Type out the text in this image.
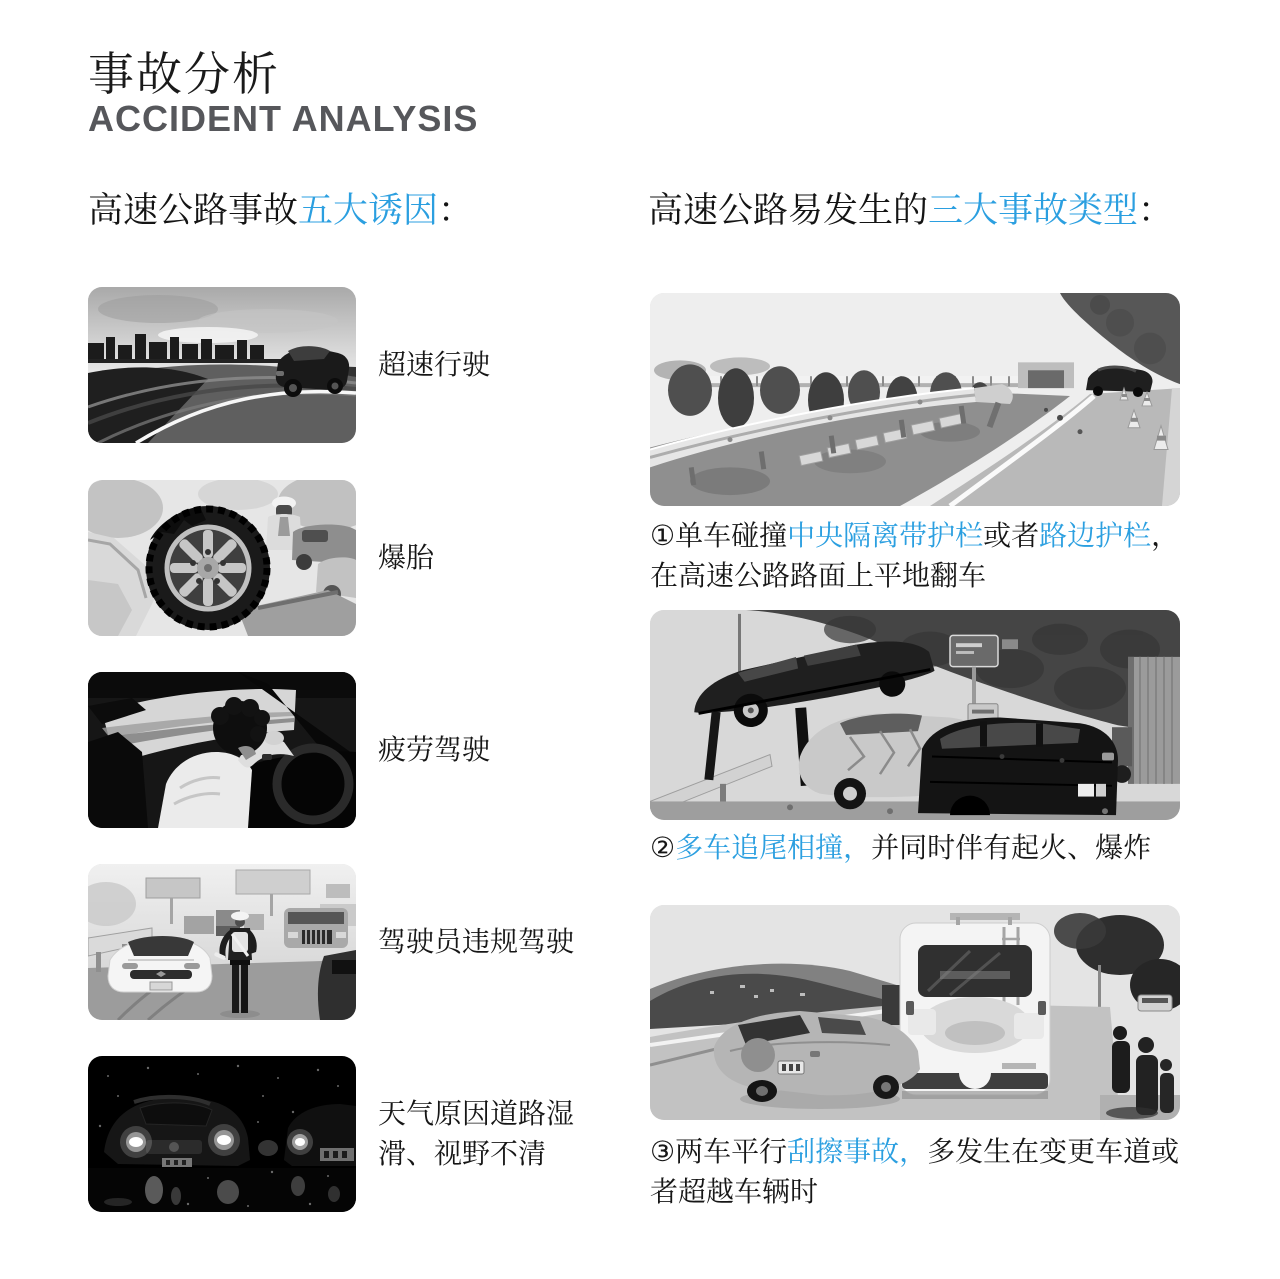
事故分析
ACCIDENT ANALYSIS
高速公路事故五大诱因：	高速公路易发生的三大事故类型：
超速行驶
爆胎
疲劳驾驶
驾驶员违规驾驶
天气原因道路湿滑、视野不清
①单车碰撞中央隔离带护栏或者路边护栏，在高速公路路面上平地翻车
②多车追尾相撞，并同时伴有起火、爆炸
③两车平行刮擦事故，多发生在变更车道或者超越车辆时
